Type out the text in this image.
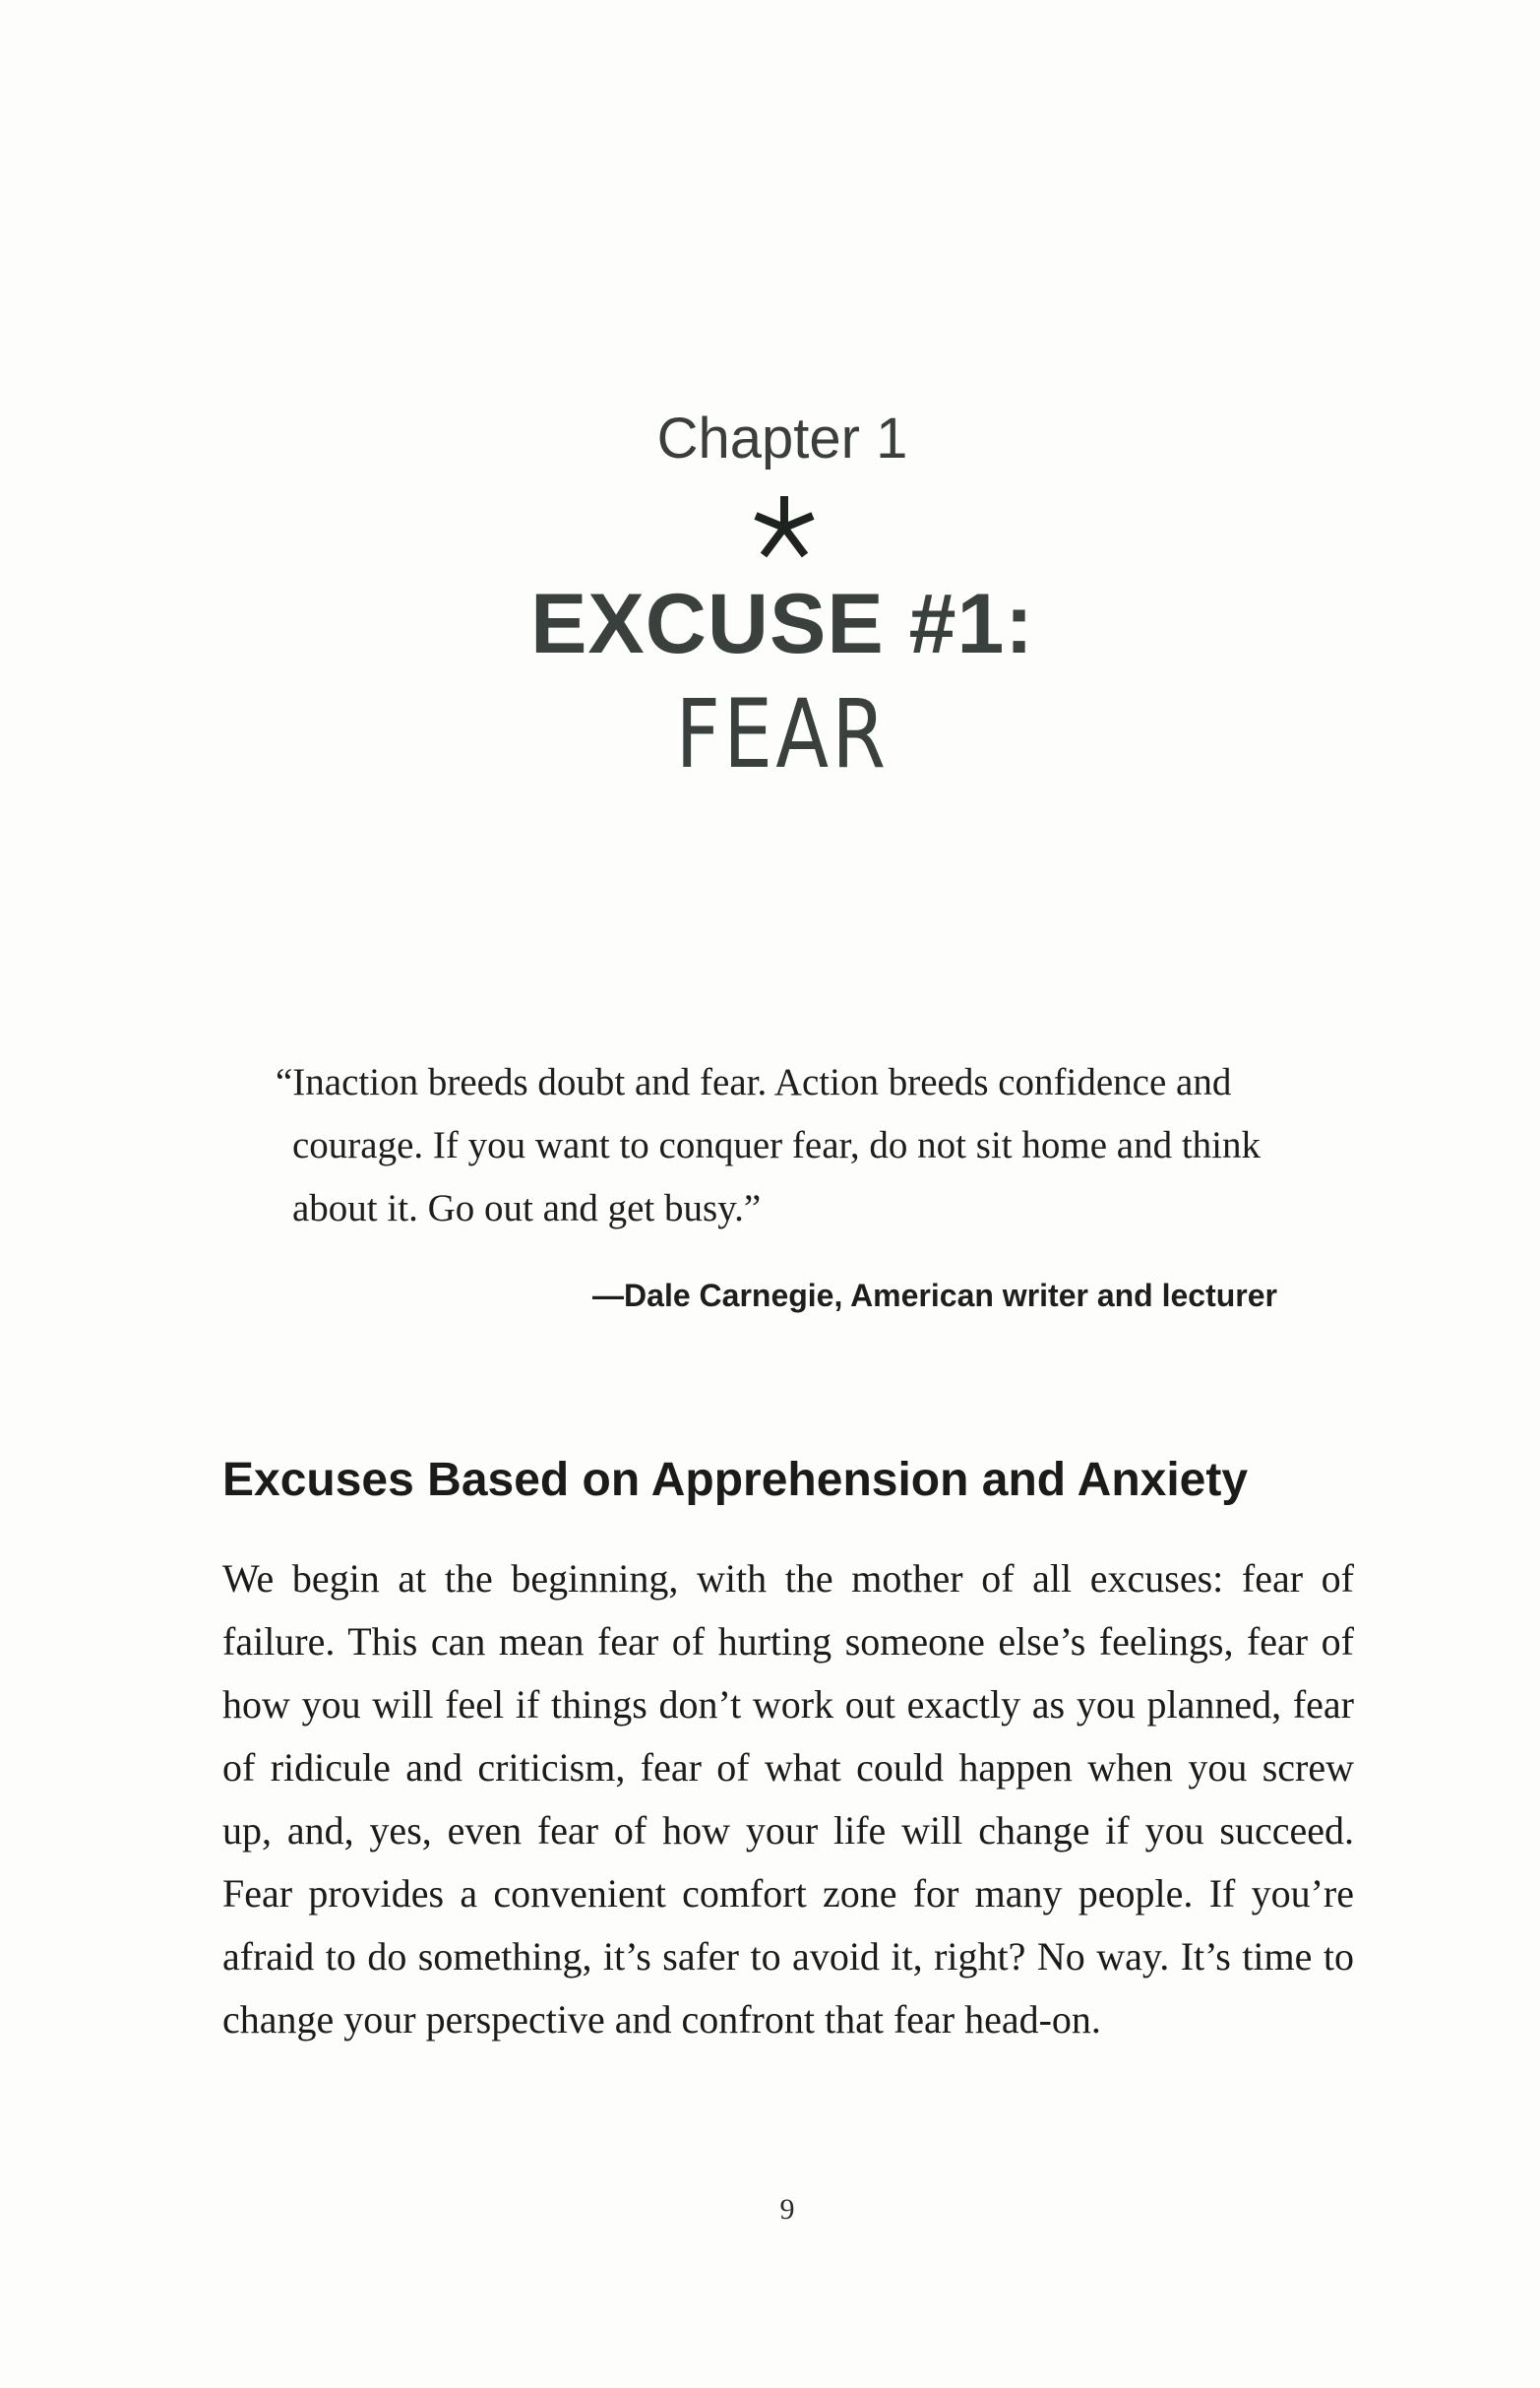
Chapter 1
EXCUSE #1:
FEAR
“Inaction breeds doubt and fear. Action breeds confidence and courage. If you want to conquer fear, do not sit home and think about it. Go out and get busy.”
—Dale Carnegie, American writer and lecturer
Excuses Based on Apprehension and Anxiety
We begin at the beginning, with the mother of all excuses: fear of failure. This can mean fear of hurting someone else’s feelings, fear of how you will feel if things don’t work out exactly as you planned, fear of ridicule and criticism, fear of what could happen when you screw up, and, yes, even fear of how your life will change if you succeed. Fear provides a convenient comfort zone for many people. If you’re afraid to do something, it’s safer to avoid it, right? No way. It’s time to change your perspective and confront that fear head-on.
9
